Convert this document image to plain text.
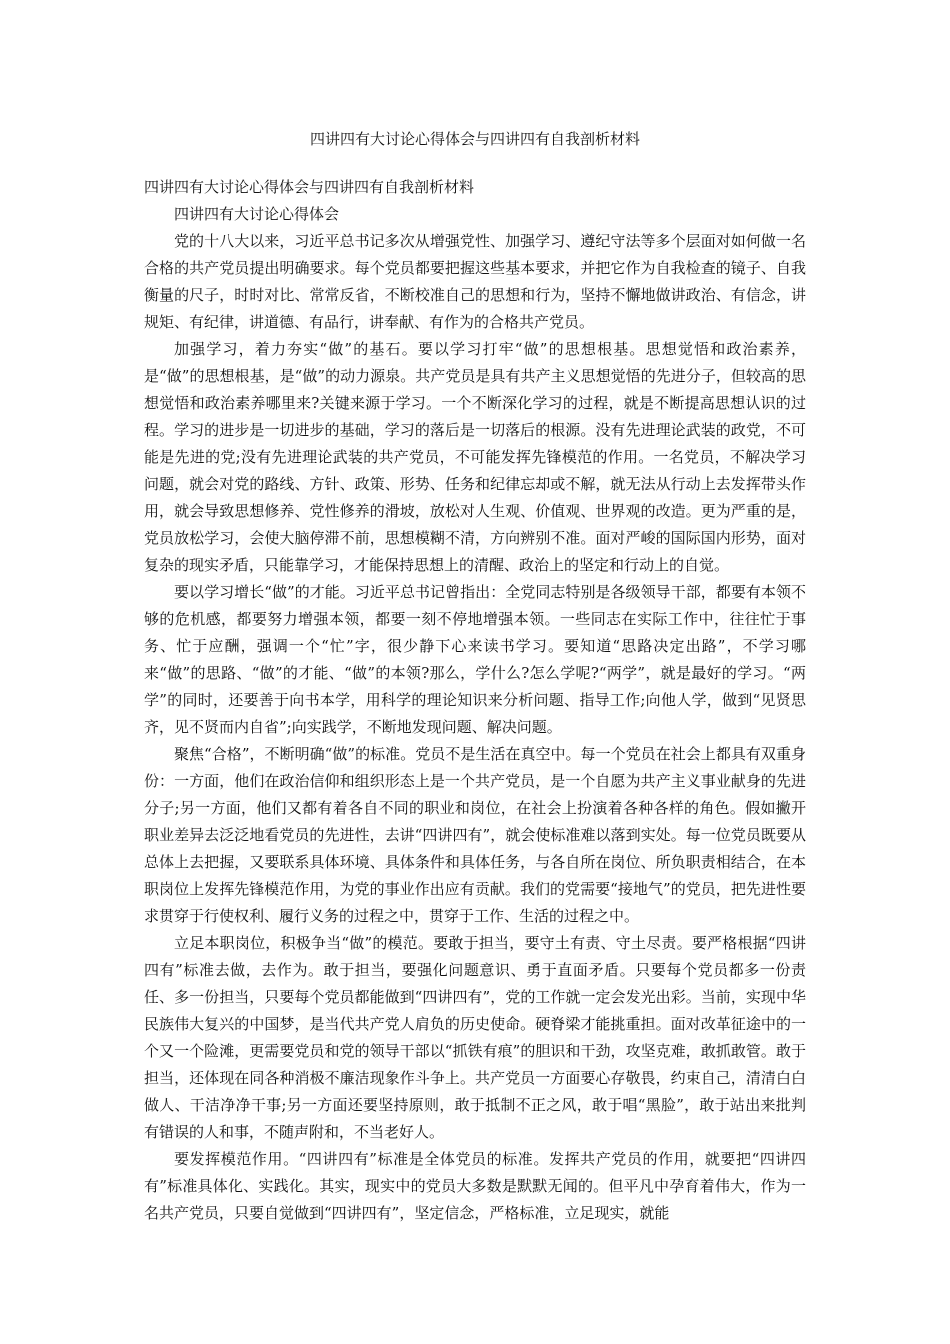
四讲四有大讨论心得体会与四讲四有自我剖析材料

四讲四有大讨论心得体会与四讲四有自我剖析材料

四讲四有大讨论心得体会

党的十八大以来，习近平总书记多次从增强党性、加强学习、遵纪守法等多个层面对如何做一名合格的共产党员提出明确要求。每个党员都要把握这些基本要求，并把它作为自我检查的镜子、自我衡量的尺子，时时对比、常常反省，不断校准自己的思想和行为，坚持不懈地做讲政治、有信念，讲规矩、有纪律，讲道德、有品行，讲奉献、有作为的合格共产党员。

加强学习，着力夯实“做”的基石。要以学习打牢“做”的思想根基。思想觉悟和政治素养，是“做”的思想根基，是“做”的动力源泉。共产党员是具有共产主义思想觉悟的先进分子，但较高的思想觉悟和政治素养哪里来?关键来源于学习。一个不断深化学习的过程，就是不断提高思想认识的过程。学习的进步是一切进步的基础，学习的落后是一切落后的根源。没有先进理论武装的政党，不可能是先进的党;没有先进理论武装的共产党员，不可能发挥先锋模范的作用。一名党员，不解决学习问题，就会对党的路线、方针、政策、形势、任务和纪律忘却或不解，就无法从行动上去发挥带头作用，就会导致思想修养、党性修养的滑坡，放松对人生观、价值观、世界观的改造。更为严重的是，党员放松学习，会使大脑停滞不前，思想模糊不清，方向辨别不准。面对严峻的国际国内形势，面对复杂的现实矛盾，只能靠学习，才能保持思想上的清醒、政治上的坚定和行动上的自觉。

要以学习增长“做”的才能。习近平总书记曾指出：全党同志特别是各级领导干部，都要有本领不够的危机感，都要努力增强本领，都要一刻不停地增强本领。一些同志在实际工作中，往往忙于事务、忙于应酬，强调一个“忙”字，很少静下心来读书学习。要知道“思路决定出路”，不学习哪来“做”的思路、“做”的才能、“做”的本领?那么，学什么?怎么学呢?“两学”，就是最好的学习。“两学”的同时，还要善于向书本学，用科学的理论知识来分析问题、指导工作;向他人学，做到“见贤思齐，见不贤而内自省”;向实践学，不断地发现问题、解决问题。

聚焦“合格”，不断明确“做”的标准。党员不是生活在真空中。每一个党员在社会上都具有双重身份：一方面，他们在政治信仰和组织形态上是一个共产党员，是一个自愿为共产主义事业献身的先进分子;另一方面，他们又都有着各自不同的职业和岗位，在社会上扮演着各种各样的角色。假如撇开职业差异去泛泛地看党员的先进性，去讲“四讲四有”，就会使标准难以落到实处。每一位党员既要从总体上去把握，又要联系具体环境、具体条件和具体任务，与各自所在岗位、所负职责相结合，在本职岗位上发挥先锋模范作用，为党的事业作出应有贡献。我们的党需要“接地气”的党员，把先进性要求贯穿于行使权利、履行义务的过程之中，贯穿于工作、生活的过程之中。

立足本职岗位，积极争当“做”的模范。要敢于担当，要守土有责、守土尽责。要严格根据“四讲四有”标准去做，去作为。敢于担当，要强化问题意识、勇于直面矛盾。只要每个党员都多一份责任、多一份担当，只要每个党员都能做到“四讲四有”，党的工作就一定会发光出彩。当前，实现中华民族伟大复兴的中国梦，是当代共产党人肩负的历史使命。硬脊梁才能挑重担。面对改革征途中的一个又一个险滩，更需要党员和党的领导干部以“抓铁有痕”的胆识和干劲，攻坚克难，敢抓敢管。敢于担当，还体现在同各种消极不廉洁现象作斗争上。共产党员一方面要心存敬畏，约束自己，清清白白做人、干洁净净干事;另一方面还要坚持原则，敢于抵制不正之风，敢于唱“黑脸”，敢于站出来批判有错误的人和事，不随声附和，不当老好人。

要发挥模范作用。“四讲四有”标准是全体党员的标准。发挥共产党员的作用，就要把“四讲四有”标准具体化、实践化。其实，现实中的党员大多数是默默无闻的。但平凡中孕育着伟大，作为一名共产党员，只要自觉做到“四讲四有”，坚定信念，严格标准，立足现实，就能
